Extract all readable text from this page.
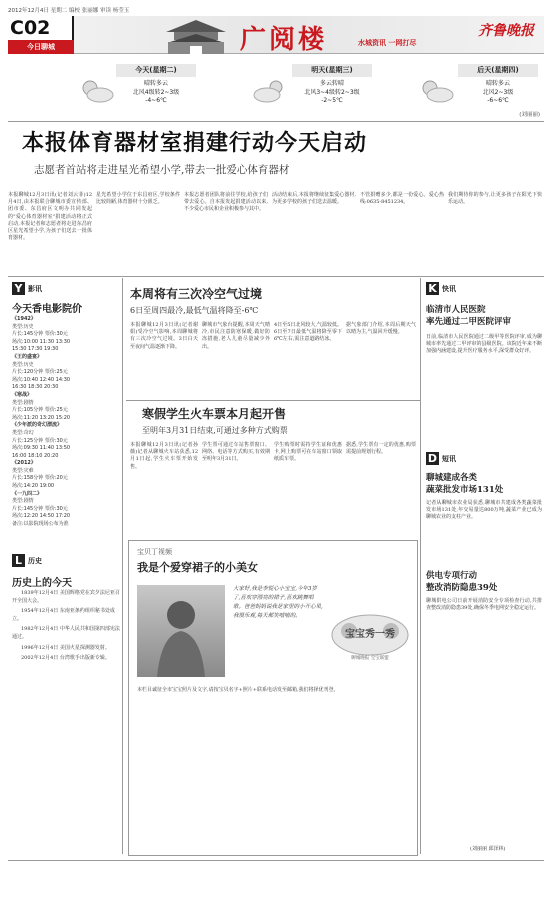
2012年12月4日 星期二 编校 张丽娜 审读 杨莹玉
C02
今日聊城	广阅楼	水城资讯 一网打尽
齐鲁晚报
今天(星期二)
晴转多云
北风4级转2~3级
-4~6℃
明天(星期三)
多云转晴
北风3~4级转2~3级
-2~5℃
后天(星期四)
晴转多云
北风2~3级
-6~6℃
(刘丽丽)
本报体育器材室捐建行动今天启动
志愿者首站将走进星光希望小学,带去一批爱心体育器材
本报聊城12月3日讯(记者刘云菲)12月4日,由本报联合聊城市委宣传部、团市委、东昌府区文明办共同发起的"爱心体育器材室"捐建活动将正式启动,本报记者和志愿者将走进东昌府区星光希望小学,为孩子们送去一批体育器材。
星光希望小学位于东昌府区,学校条件比较简陋,体育器材十分匮乏。
本报志愿者团队将前往学校,给孩子们带去爱心。自本报发起捐建活动以来,不少爱心市民和企业积极参与其中。
活动结束后,本报将继续征集爱心器材,为更多学校的孩子们送去温暖。
不管捐赠多少,都是一份爱心。爱心热线:0635-8451234。
我们期待你的参与,让更多孩子在阳光下快乐运动。
Y 影讯
今天香电影院价
《1942》
类型:历史
片长:145分钟 票价:30元
场次:10:00 11:30 13:30
15:30 17:30 19:30
《王的盛宴》
类型:历史
片长:120分钟 票价:25元
场次:10:40 12:40 14:30
16:30 18:30 20:30
《寒战》
类型:剧情
片长:105分钟 票价:25元
场次:11:20 13:20 15:20
《少年派的奇幻漂流》
类型:奇幻
片长:125分钟 票价:30元
场次:09:30 11:40 13:50
16:00 18:10 20:20
《2012》
类型:灾难
片长:158分钟 票价:20元
场次:14:20 19:00
《一九四二》
类型:剧情
片长:145分钟 票价:30元
场次:12:20 14:50 17:20
备注:以影院现场公布为准
L 历史
历史上的今天
1839年12月4日 美国辉格党在宾夕法尼亚召开全国大会。
1954年12月4日 东南亚条约组织秘书处成立。
1982年12月4日 中华人民共和国第四部宪法通过。
1996年12月4日 美国火星探测器发射。
2002年12月4日 台湾歌手出版新专辑。
本周将有三次冷空气过境
6日至周四最冷,最低气温将降至-6℃
本报聊城12月3日讯(记者谢娟)受冷空气影响,本周聊城将有三次冷空气过境。3日白天至夜间气温逐渐下降。
聊城市气象台提醒,本周天气晴冷,市民注意防寒保暖,做好防冻措施,老人儿童尽量减少外出。
4日至5日北风较大,气温较低。6日至7日最低气温将降至零下6℃左右,需注意道路结冰。
据气象部门介绍,本周后期天气以晴为主,气温回升缓慢。
寒假学生火车票本月起开售
至明年3月31日结束,可通过多种方式购票
本报聊城12月3日讯(记者孙薇)记者从聊城火车站获悉,12月1日起,学生火车票开始发售。
学生票可通过车站售票窗口、网络、电话等方式购买,有效期至明年3月31日。
学生购票时需持学生证和优惠卡,网上购票可在车站窗口领取纸质车票。
据悉,学生票有一定的优惠,购票需提前规划行程。
宝贝丁视频
我是个爱穿裙子的小美女
大家好,我是李悦心小宝宝,今年3岁了,喜欢穿漂亮的裙子,喜欢跳舞唱歌。爸爸妈妈说我是家里的小开心果,我很乐观,每天都笑嘻嘻的。
宝宝秀一秀
聊城晚报 宝宝联盟
本栏目诚征全市宝宝照片及文字,请按宝贝名字+照片+联系电话发至邮箱,我们将择优刊登。
K 快讯
临清市人民医院
率先通过二甲医院评审
日前,临清市人民医院通过二级甲等医院评审,成为聊城市率先通过二甲评审的县级医院。该院近年来不断加强内涵建设,提升医疗服务水平,深受群众好评。
D 短讯
聊城建成各类
蔬菜批发市场131处
记者从聊城市农业局获悉,聊城市共建成各类蔬菜批发市场131处,年交易量达800万吨,蔬菜产业已成为聊城农业的支柱产业。
供电专项行动
整改消防隐患39处
聊城供电公司日前开展消防安全专项检查行动,共排查整改消防隐患39处,确保冬季电网安全稳定运行。
(刘丽丽 邱泽林)
